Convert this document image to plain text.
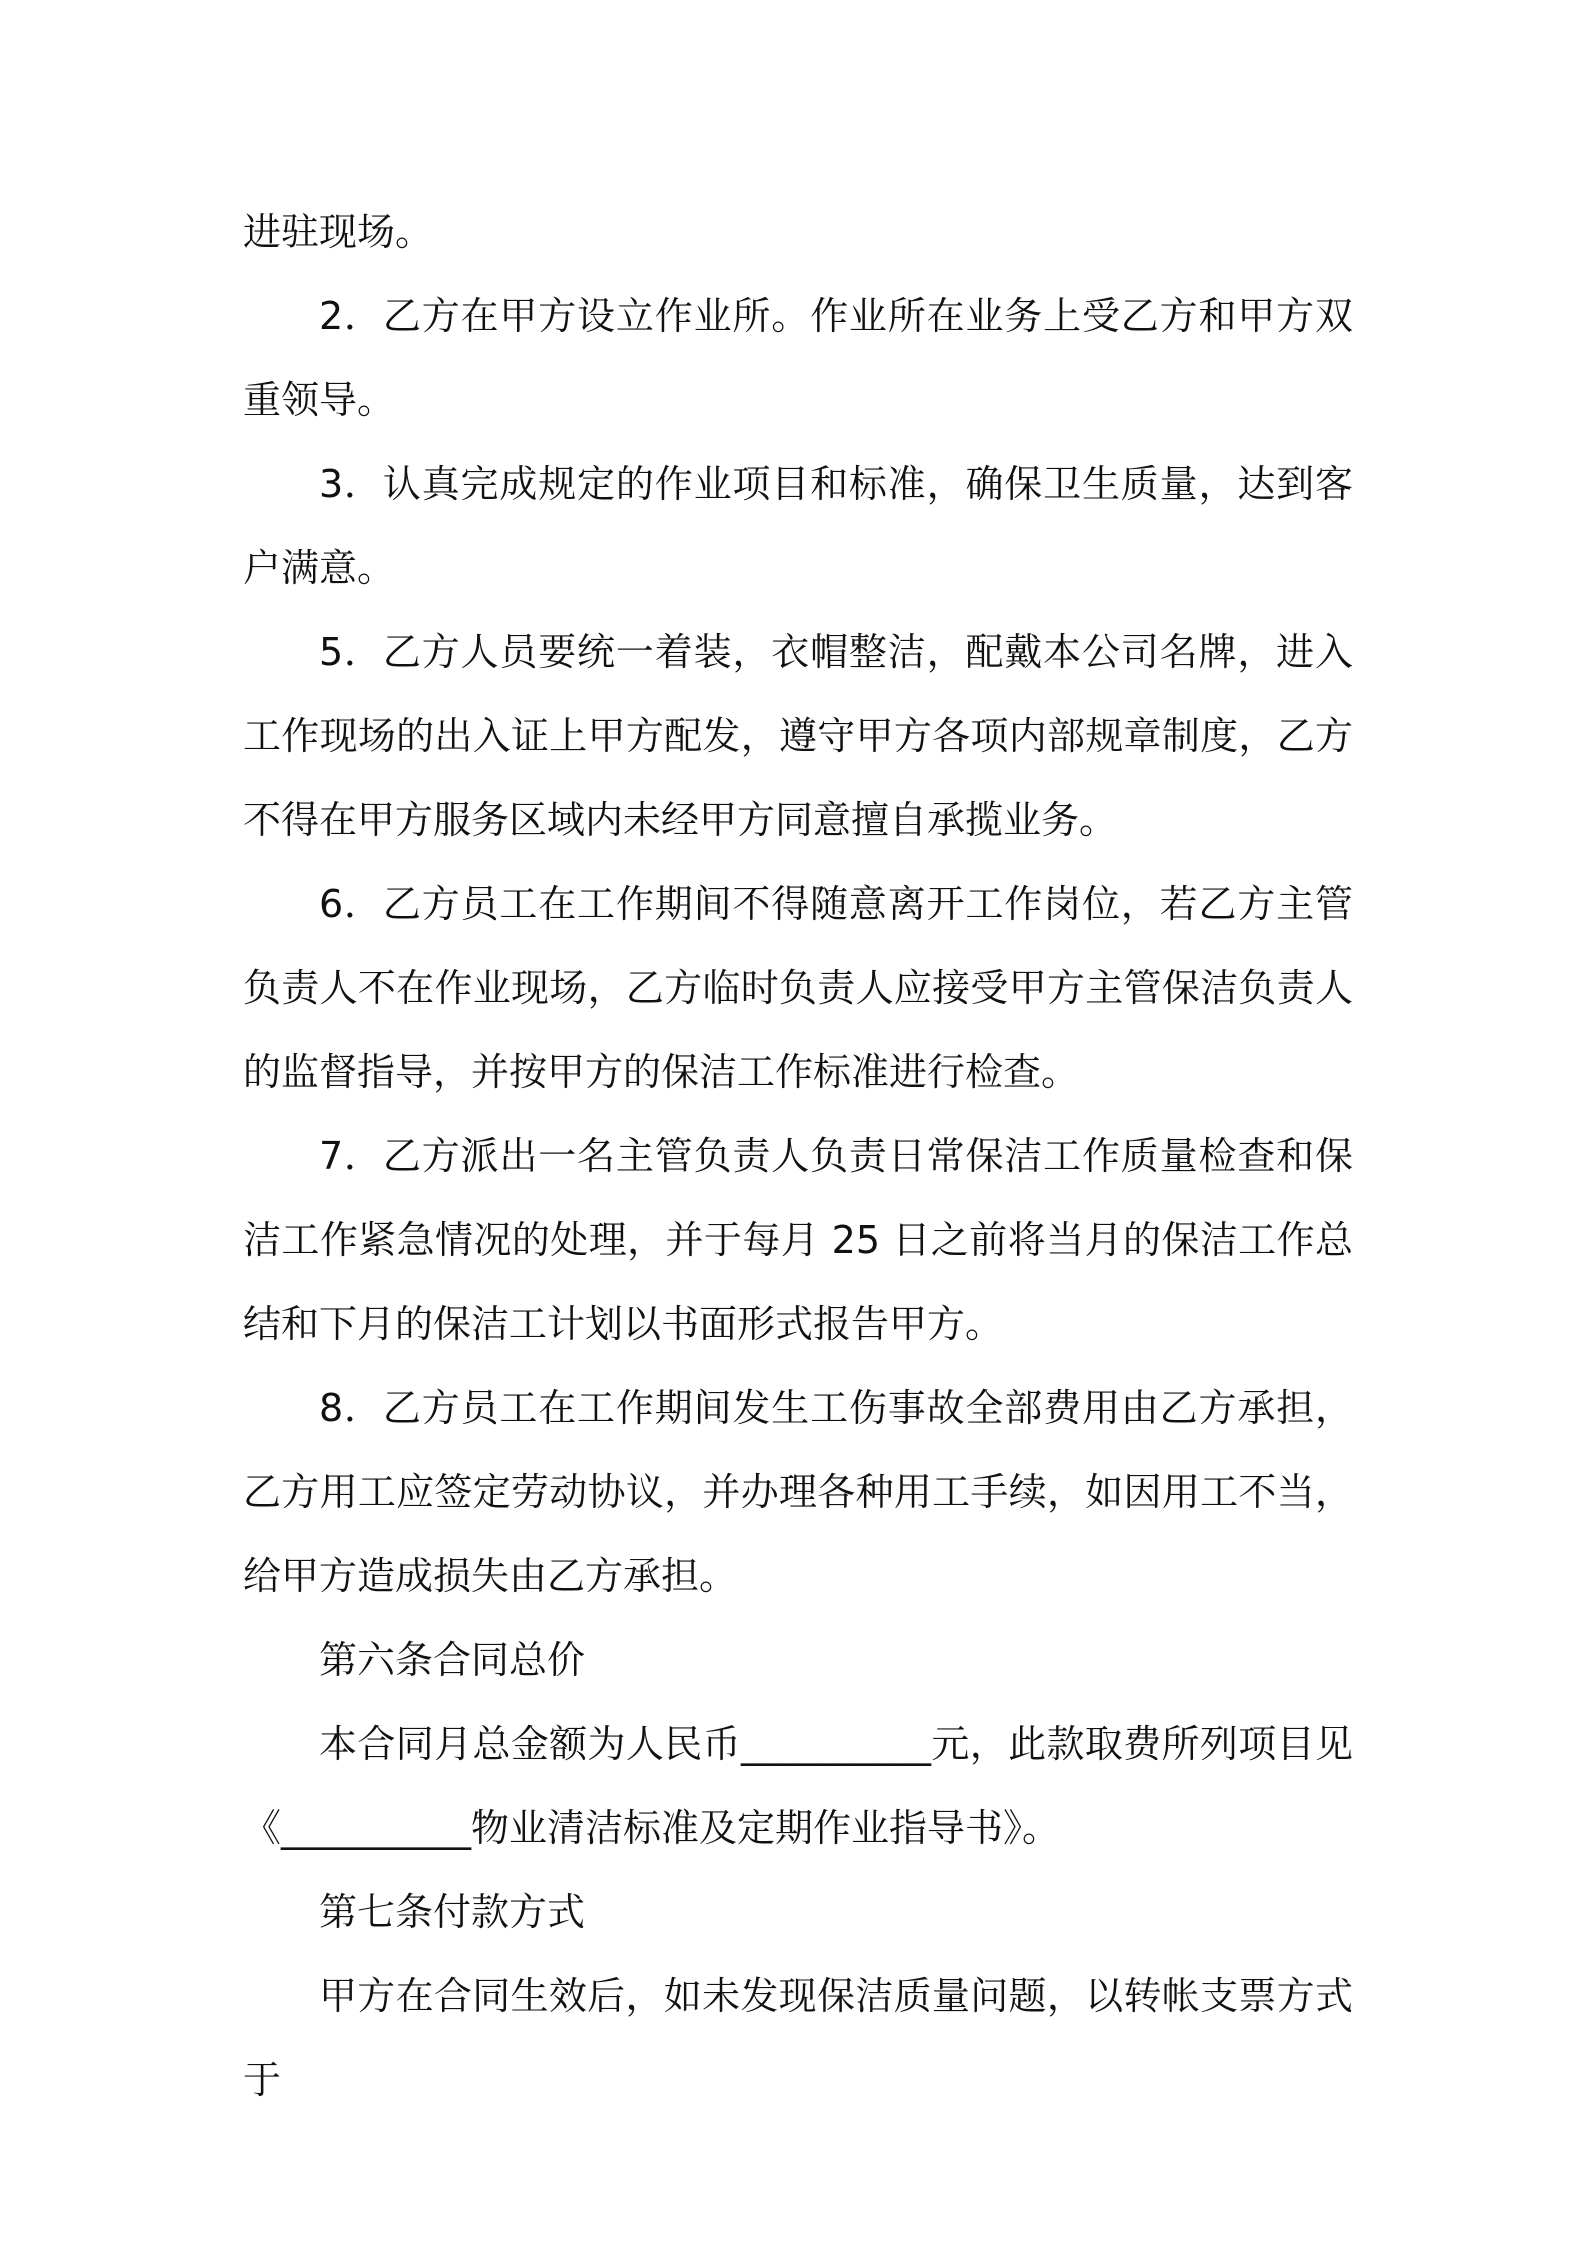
进驻现场。

2．乙方在甲方设立作业所。作业所在业务上受乙方和甲方双重领导。

3．认真完成规定的作业项目和标准，确保卫生质量，达到客户满意。

5．乙方人员要统一着装，衣帽整洁，配戴本公司名牌，进入工作现场的出入证上甲方配发，遵守甲方各项内部规章制度，乙方不得在甲方服务区域内未经甲方同意擅自承揽业务。

6．乙方员工在工作期间不得随意离开工作岗位，若乙方主管负责人不在作业现场，乙方临时负责人应接受甲方主管保洁负责人的监督指导，并按甲方的保洁工作标准进行检查。

7．乙方派出一名主管负责人负责日常保洁工作质量检查和保洁工作紧急情况的处理，并于每月 25 日之前将当月的保洁工作总结和下月的保洁工计划以书面形式报告甲方。

8．乙方员工在工作期间发生工伤事故全部费用由乙方承担，乙方用工应签定劳动协议，并办理各种用工手续，如因用工不当，给甲方造成损失由乙方承担。

第六条合同总价

本合同月总金额为人民币__________元，此款取费所列项目见《__________物业清洁标准及定期作业指导书》。

第七条付款方式

甲方在合同生效后，如未发现保洁质量问题，以转帐支票方式于
